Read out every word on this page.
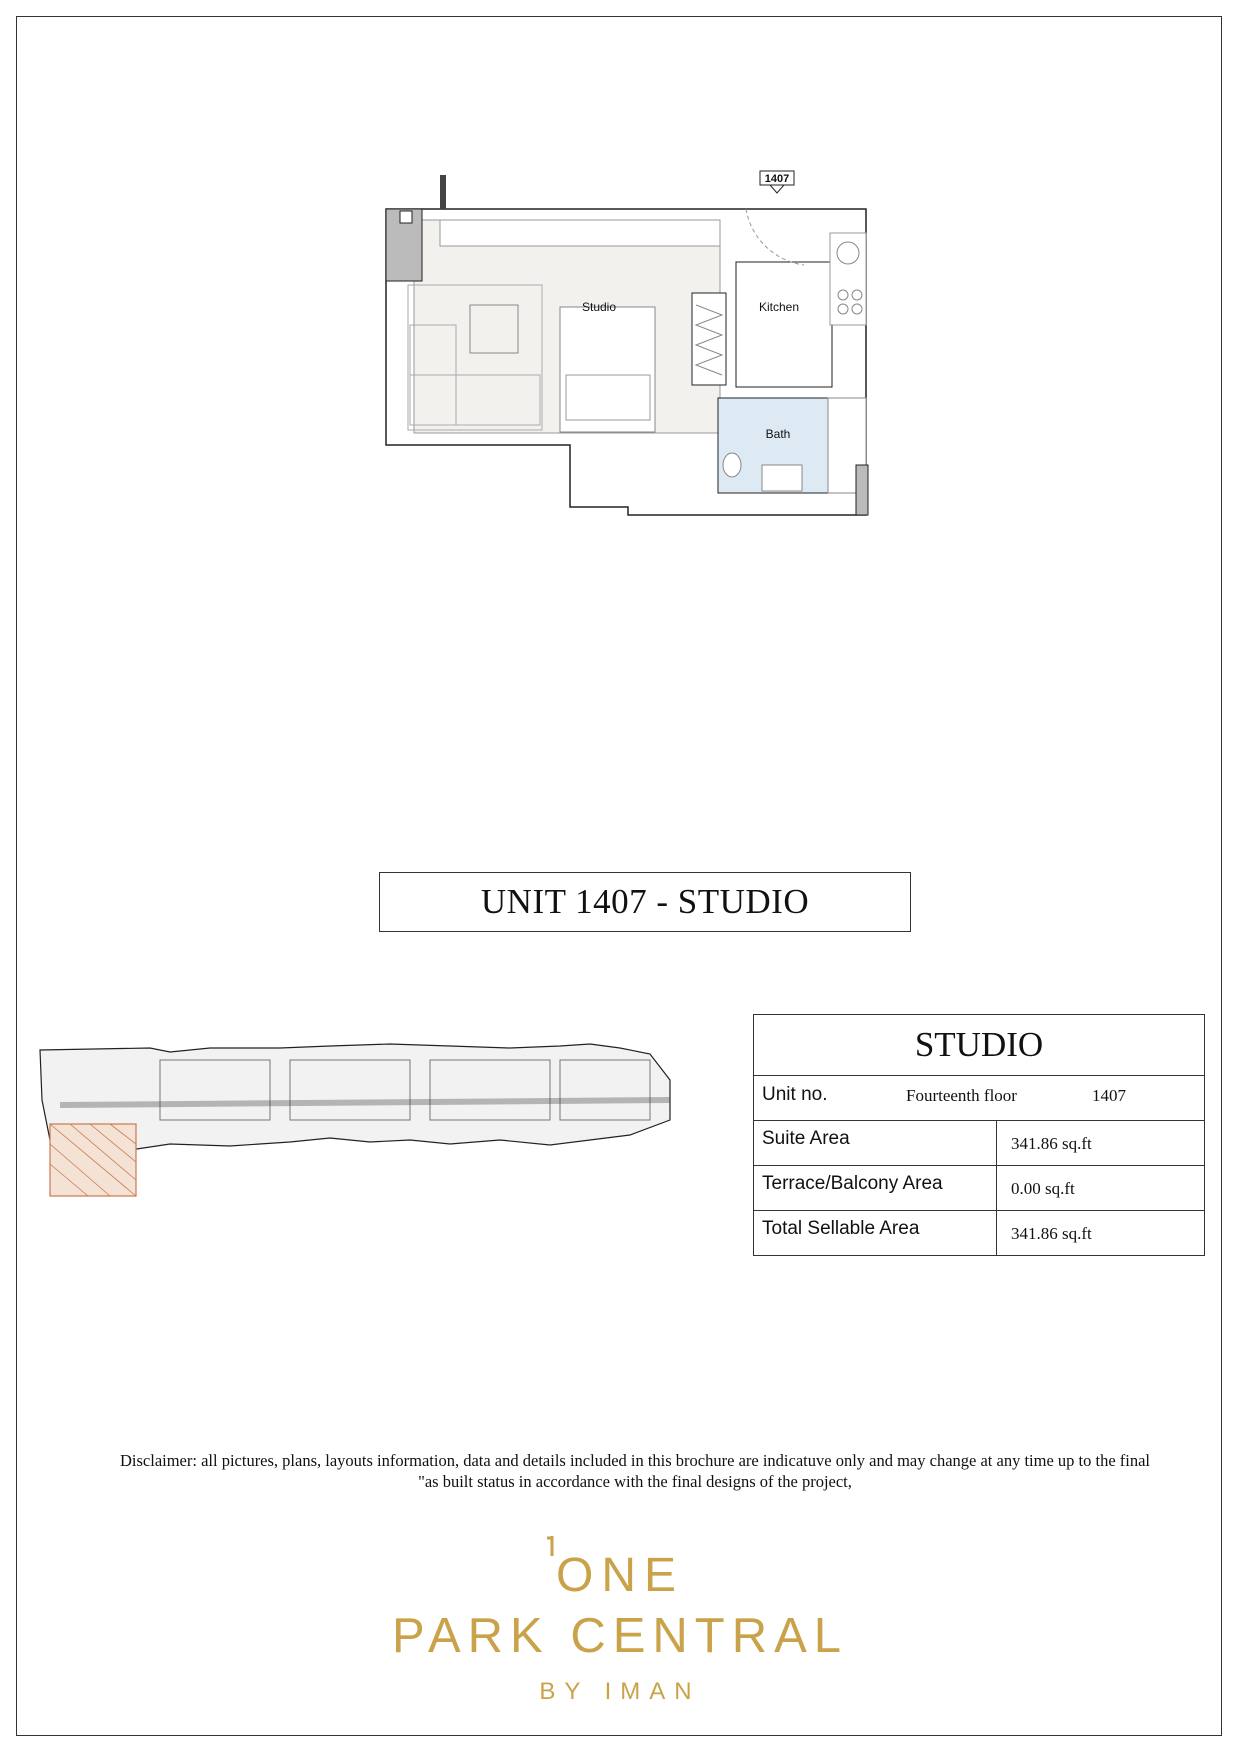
1407
Studio	Kitchen
Bath
UNIT 1407 - STUDIO
STUDIO
Unit no.	Fourteenth floor	1407
Suite Area	341.86 sq.ft
Terrace/Balcony Area	0.00 sq.ft
Total Sellable Area	341.86 sq.ft
Disclaimer: all pictures, plans, layouts information, data and details included in this brochure are indicatuve only and may change at any time up to the final
"as built status in accordance with the final designs of the project,
ONE
PARK CENTRAL
BY IMAN
